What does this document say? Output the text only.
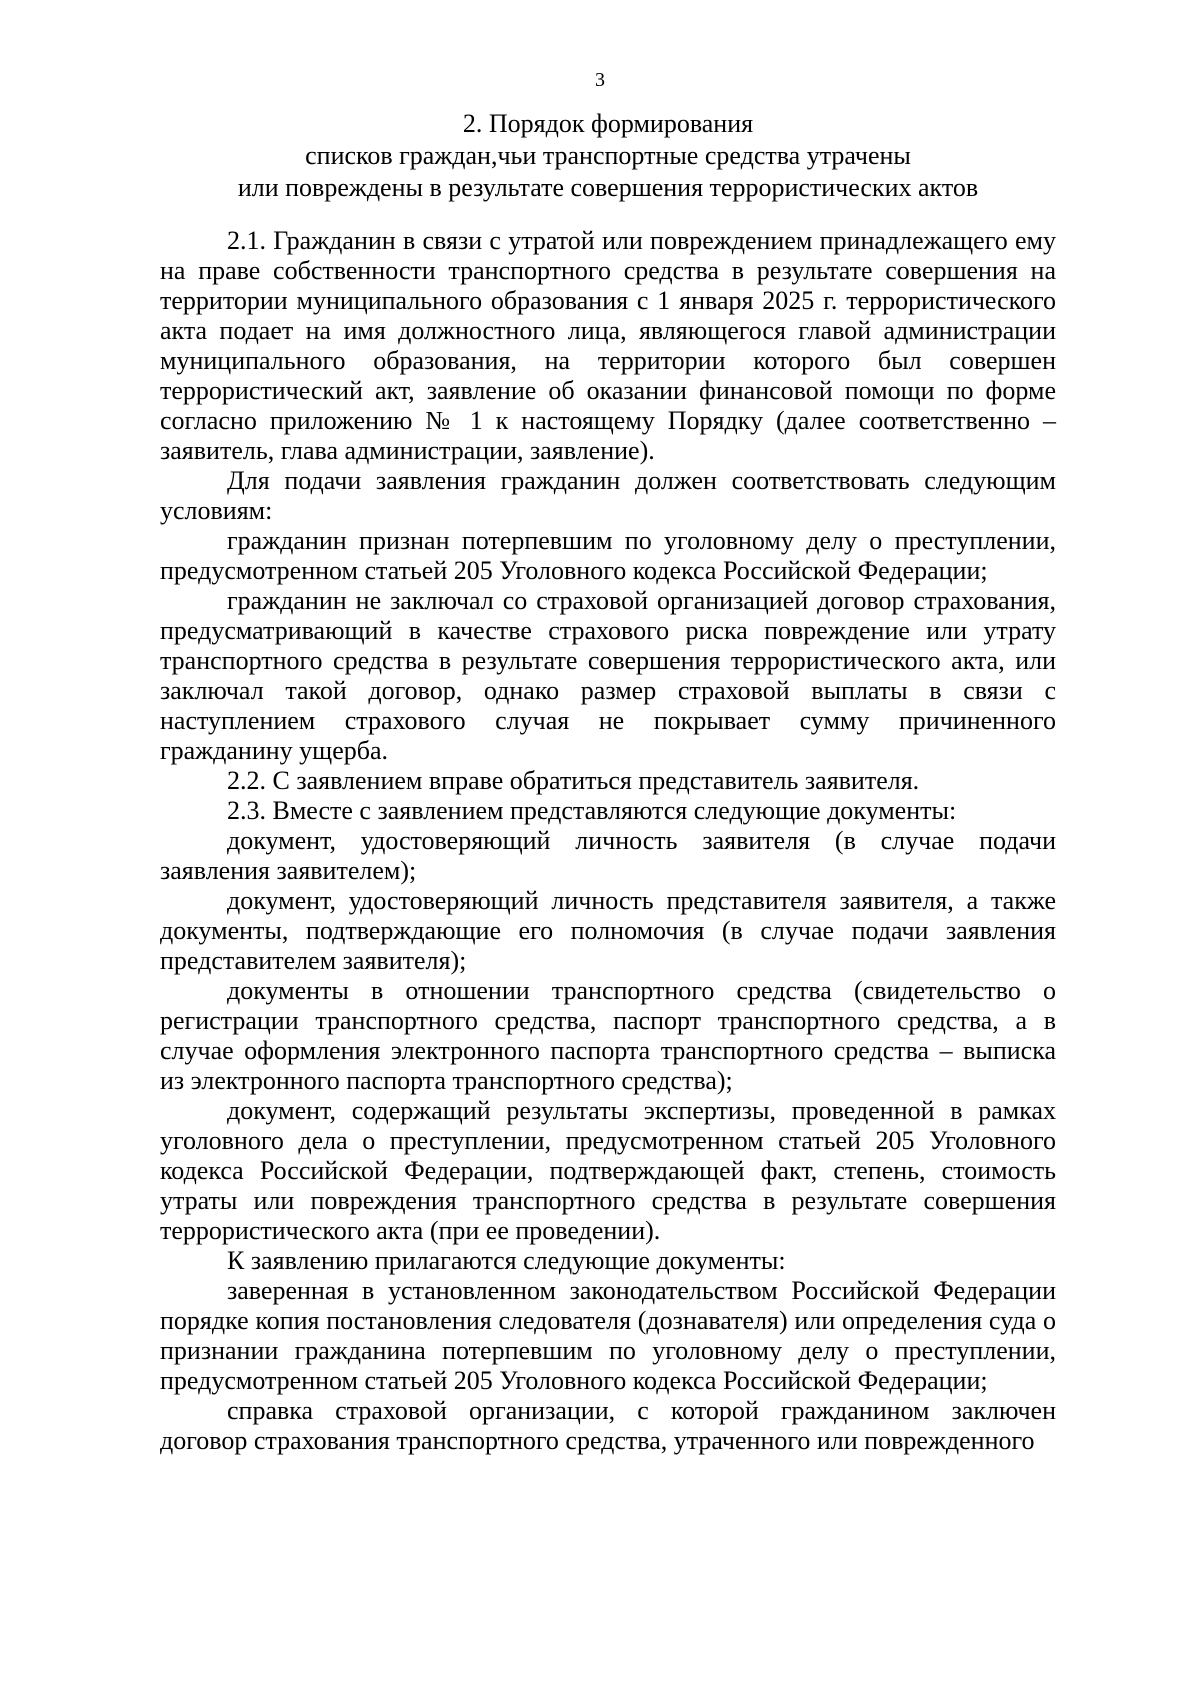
3
2. Порядок формирования
списков граждан,чьи транспортные средства утрачены
или повреждены в результате совершения террористических актов

2.1. Гражданин в связи с утратой или повреждением принадлежащего ему на праве собственности транспортного средства в результате совершения на территории муниципального образования с 1 января 2025 г. террористического акта подает на имя должностного лица, являющегося главой администрации муниципального образования, на территории которого был совершен террористический акт, заявление об оказании финансовой помощи по форме согласно приложению № 1 к настоящему Порядку (далее соответственно – заявитель, глава администрации, заявление).

Для подачи заявления гражданин должен соответствовать следующим условиям:

гражданин признан потерпевшим по уголовному делу о преступлении, предусмотренном статьей 205 Уголовного кодекса Российской Федерации;

гражданин не заключал со страховой организацией договор страхования, предусматривающий в качестве страхового риска повреждение или утрату транспортного средства в результате совершения террористического акта, или заключал такой договор, однако размер страховой выплаты в связи с наступлением страхового случая не покрывает сумму причиненного гражданину ущерба.

2.2. С заявлением вправе обратиться представитель заявителя.

2.3. Вместе с заявлением представляются следующие документы:

документ, удостоверяющий личность заявителя (в случае подачи заявления заявителем);

документ, удостоверяющий личность представителя заявителя, а также документы, подтверждающие его полномочия (в случае подачи заявления представителем заявителя);

документы в отношении транспортного средства (свидетельство о регистрации транспортного средства, паспорт транспортного средства, а в случае оформления электронного паспорта транспортного средства – выписка из электронного паспорта транспортного средства);

документ, содержащий результаты экспертизы, проведенной в рамках уголовного дела о преступлении, предусмотренном статьей 205 Уголовного кодекса Российской Федерации, подтверждающей факт, степень, стоимость утраты или повреждения транспортного средства в результате совершения террористического акта (при ее проведении).

К заявлению прилагаются следующие документы:

заверенная в установленном законодательством Российской Федерации порядке копия постановления следователя (дознавателя) или определения суда о признании гражданина потерпевшим по уголовному делу о преступлении, предусмотренном статьей 205 Уголовного кодекса Российской Федерации;

справка страховой организации, с которой гражданином заключен договор страхования транспортного средства, утраченного или поврежденного
